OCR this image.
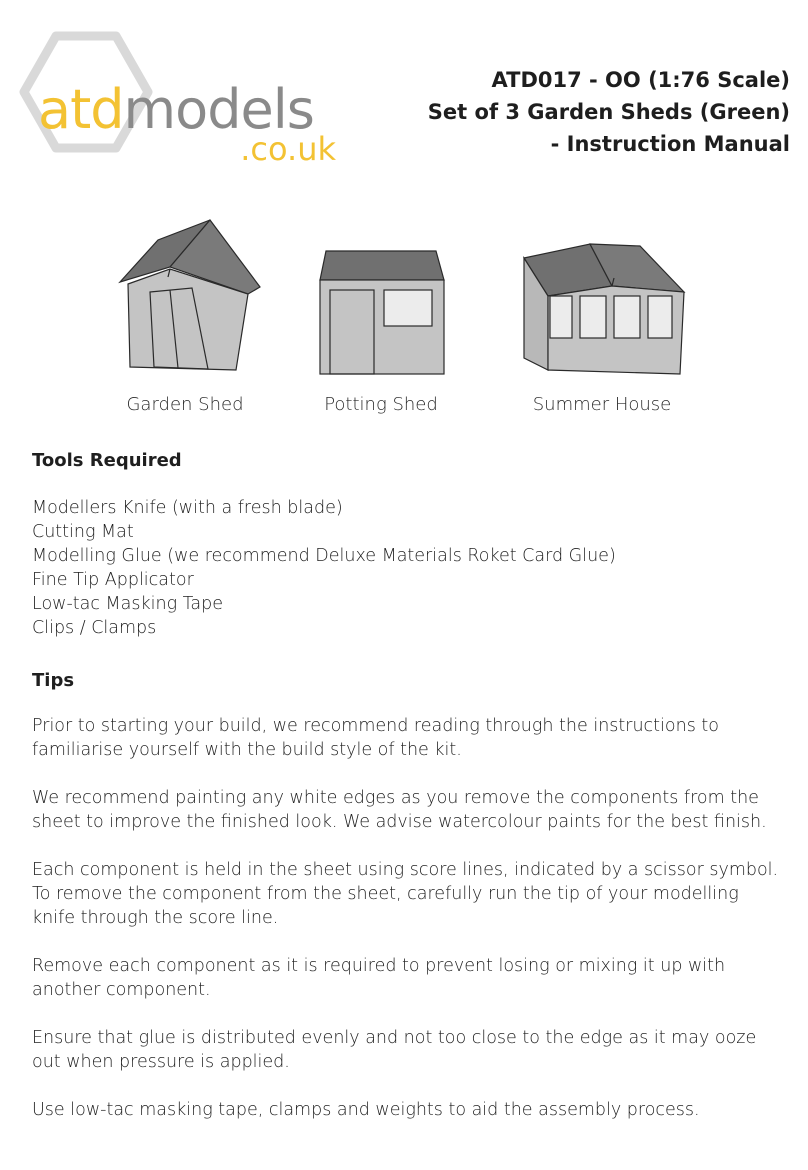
atdmodels
.co.uk
ATD017 - OO (1:76 Scale)
Set of 3 Garden Sheds (Green)
- Instruction Manual
Garden Shed	Potting Shed	Summer House
Tools Required
Modellers Knife (with a fresh blade)
Cutting Mat
Modelling Glue (we recommend Deluxe Materials Roket Card Glue)
Fine Tip Applicator
Low-tac Masking Tape
Clips / Clamps
Tips

Prior to starting your build, we recommend reading through the instructions to familiarise yourself with the build style of the kit.

We recommend painting any white edges as you remove the components from the sheet to improve the finished look. We advise watercolour paints for the best finish.

Each component is held in the sheet using score lines, indicated by a scissor symbol. To remove the component from the sheet, carefully run the tip of your modelling knife through the score line.

Remove each component as it is required to prevent losing or mixing it up with another component.

Ensure that glue is distributed evenly and not too close to the edge as it may ooze out when pressure is applied.

Use low-tac masking tape, clamps and weights to aid the assembly process.
